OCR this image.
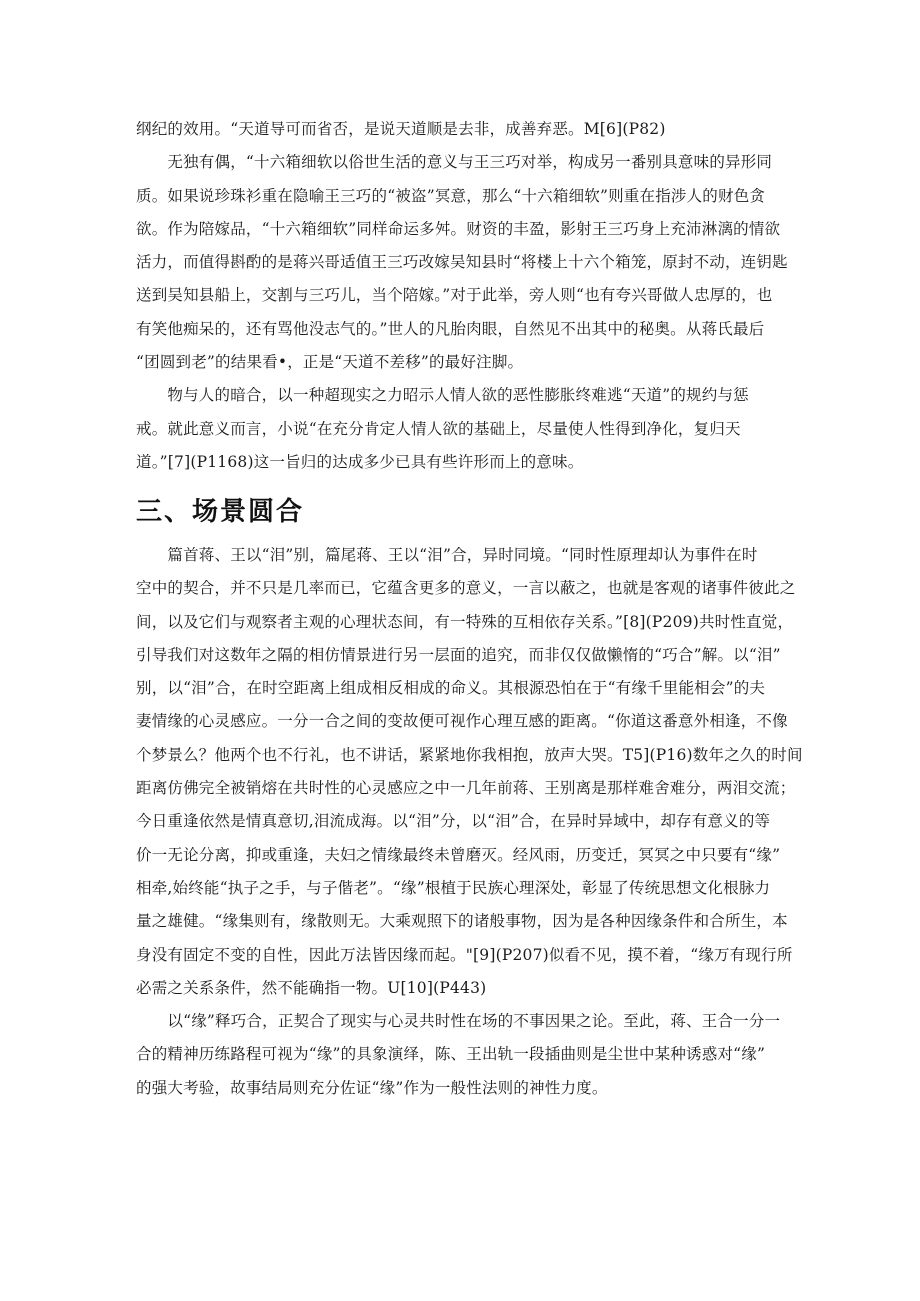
纲纪的效用。“天道导可而省否，是说天道顺是去非，成善弃恶。M[6](P82)

　　无独有偶，“十六箱细软以俗世生活的意义与王三巧对举，构成另一番别具意味的异形同

质。如果说珍珠衫重在隐喻王三巧的“被盗”冥意，那么“十六箱细软”则重在指涉人的财色贪

欲。作为陪嫁品，“十六箱细软”同样命运多舛。财资的丰盈，影射王三巧身上充沛淋漓的情欲

活力，而值得斟酌的是蒋兴哥适值王三巧改嫁吴知县时“将楼上十六个箱笼，原封不动，连钥匙

送到吴知县船上，交割与三巧儿，当个陪嫁。”对于此举，旁人则“也有夸兴哥做人忠厚的，也

有笑他痴呆的，还有骂他没志气的。”世人的凡胎肉眼，自然见不出其中的秘奥。从蒋氏最后

“团圆到老”的结果看•，正是“天道不差移”的最好注脚。

　　物与人的暗合，以一种超现实之力昭示人情人欲的恶性膨胀终难逃“天道”的规约与惩

戒。就此意义而言，小说“在充分肯定人情人欲的基础上，尽量使人性得到净化，复归天

道。”[7](P1168)这一旨归的达成多少已具有些许形而上的意味。

三、场景圆合

　　篇首蒋、王以“泪”别，篇尾蒋、王以“泪”合，异时同境。“同时性原理却认为事件在时

空中的契合，并不只是几率而已，它蕴含更多的意义，一言以蔽之，也就是客观的诸事件彼此之

间，以及它们与观察者主观的心理状态间，有一特殊的互相依存关系。”[8](P209)共时性直觉，

引导我们对这数年之隔的相仿情景进行另一层面的追究，而非仅仅做懒惰的“巧合”解。以“泪”

别，以“泪”合，在时空距离上组成相反相成的命义。其根源恐怕在于“有缘千里能相会”的夫

妻情缘的心灵感应。一分一合之间的变故便可视作心理互感的距离。“你道这番意外相逢，不像

个梦景么？他两个也不行礼，也不讲话，紧紧地你我相抱，放声大哭。T5](P16)数年之久的时间

距离仿佛完全被销熔在共时性的心灵感应之中一几年前蒋、王别离是那样难舍难分，两泪交流；

今日重逢依然是情真意切,泪流成海。以“泪”分，以“泪”合，在异时异域中，却存有意义的等

价一无论分离，抑或重逢，夫妇之情缘最终未曾磨灭。经风雨，历变迁，冥冥之中只要有“缘”

相牵,始终能“执子之手，与子偕老”。“缘”根植于民族心理深处，彰显了传统思想文化根脉力

量之雄健。“缘集则有，缘散则无。大乘观照下的诸般事物，因为是各种因缘条件和合所生，本

身没有固定不变的自性，因此万法皆因缘而起。"[9](P207)似看不见，摸不着，“缘万有现行所

必需之关系条件，然不能确指一物。U[10](P443)

　　以“缘”释巧合，正契合了现实与心灵共时性在场的不事因果之论。至此，蒋、王合一分一

合的精神历练路程可视为“缘”的具象演绎，陈、王出轨一段插曲则是尘世中某种诱惑对“缘”

的强大考验，故事结局则充分佐证“缘”作为一般性法则的神性力度。
